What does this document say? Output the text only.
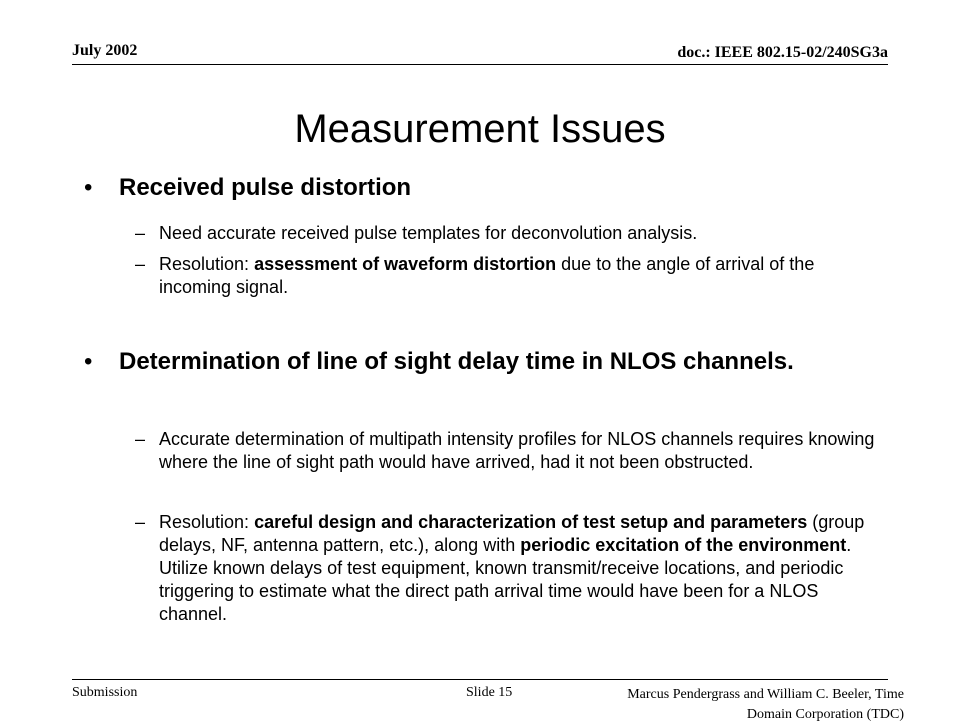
July 2002	doc.: IEEE 802.15-02/240SG3a
Measurement Issues
• Received pulse distortion
– Need accurate received pulse templates for deconvolution analysis.
– Resolution: assessment of waveform distortion due to the angle of arrival of the incoming signal.
• Determination of line of sight delay time in NLOS channels.
– Accurate determination of multipath intensity profiles for NLOS channels requires knowing where the line of sight path would have arrived, had it not been obstructed.
– Resolution: careful design and characterization of test setup and parameters (group delays, NF, antenna pattern, etc.), along with periodic excitation of the environment. Utilize known delays of test equipment, known transmit/receive locations, and periodic triggering to estimate what the direct path arrival time would have been for a NLOS channel.
Submission	Slide 15	Marcus Pendergrass and William C. Beeler, Time
Domain Corporation (TDC)
